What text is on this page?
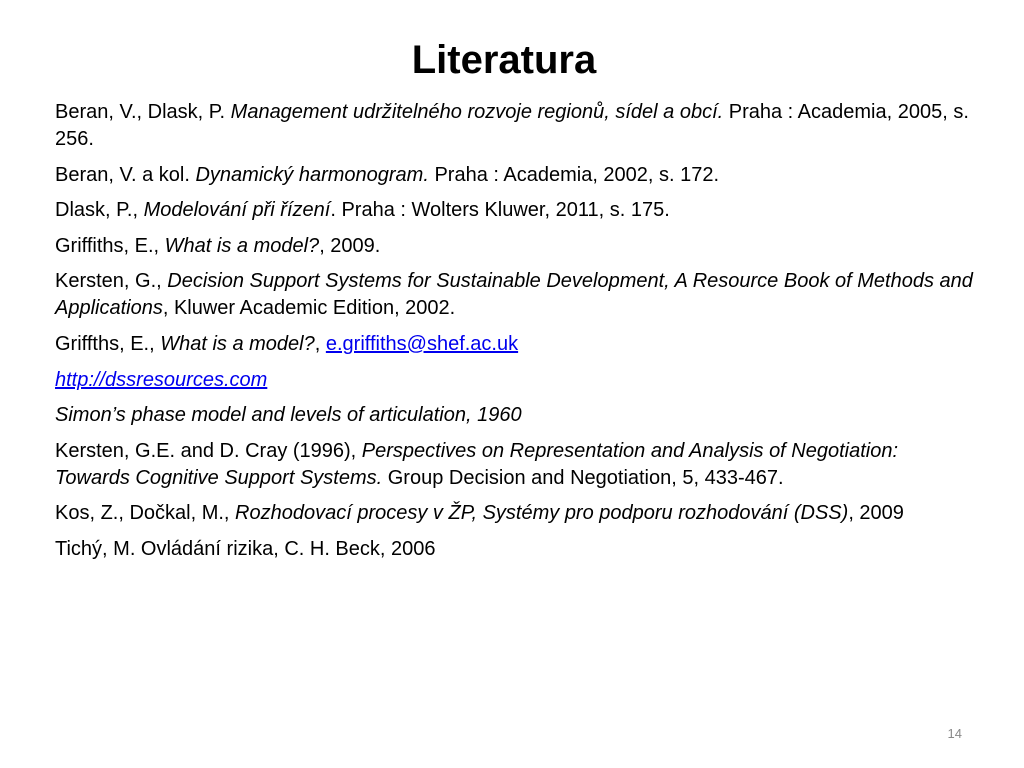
Literatura
Beran, V., Dlask, P. Management udržitelného rozvoje regionů, sídel a obcí. Praha : Academia, 2005, s. 256.
Beran, V. a kol. Dynamický harmonogram. Praha : Academia, 2002, s. 172.
Dlask, P., Modelování při řízení. Praha : Wolters Kluwer, 2011, s. 175.
Griffiths, E., What is a model?, 2009.
Kersten, G., Decision Support Systems for Sustainable Development, A Resource Book of Methods and Applications, Kluwer Academic Edition, 2002.
Griffths, E., What is a model?, e.griffiths@shef.ac.uk
http://dssresources.com
Simon’s phase model and levels of articulation, 1960
Kersten, G.E. and D. Cray (1996), Perspectives on Representation and Analysis of Negotiation: Towards Cognitive Support Systems. Group Decision and Negotiation, 5, 433-467.
Kos, Z., Dočkal, M., Rozhodovací procesy v ŽP, Systémy pro podporu rozhodování (DSS), 2009
Tichý, M. Ovládání rizika, C. H. Beck, 2006
14
